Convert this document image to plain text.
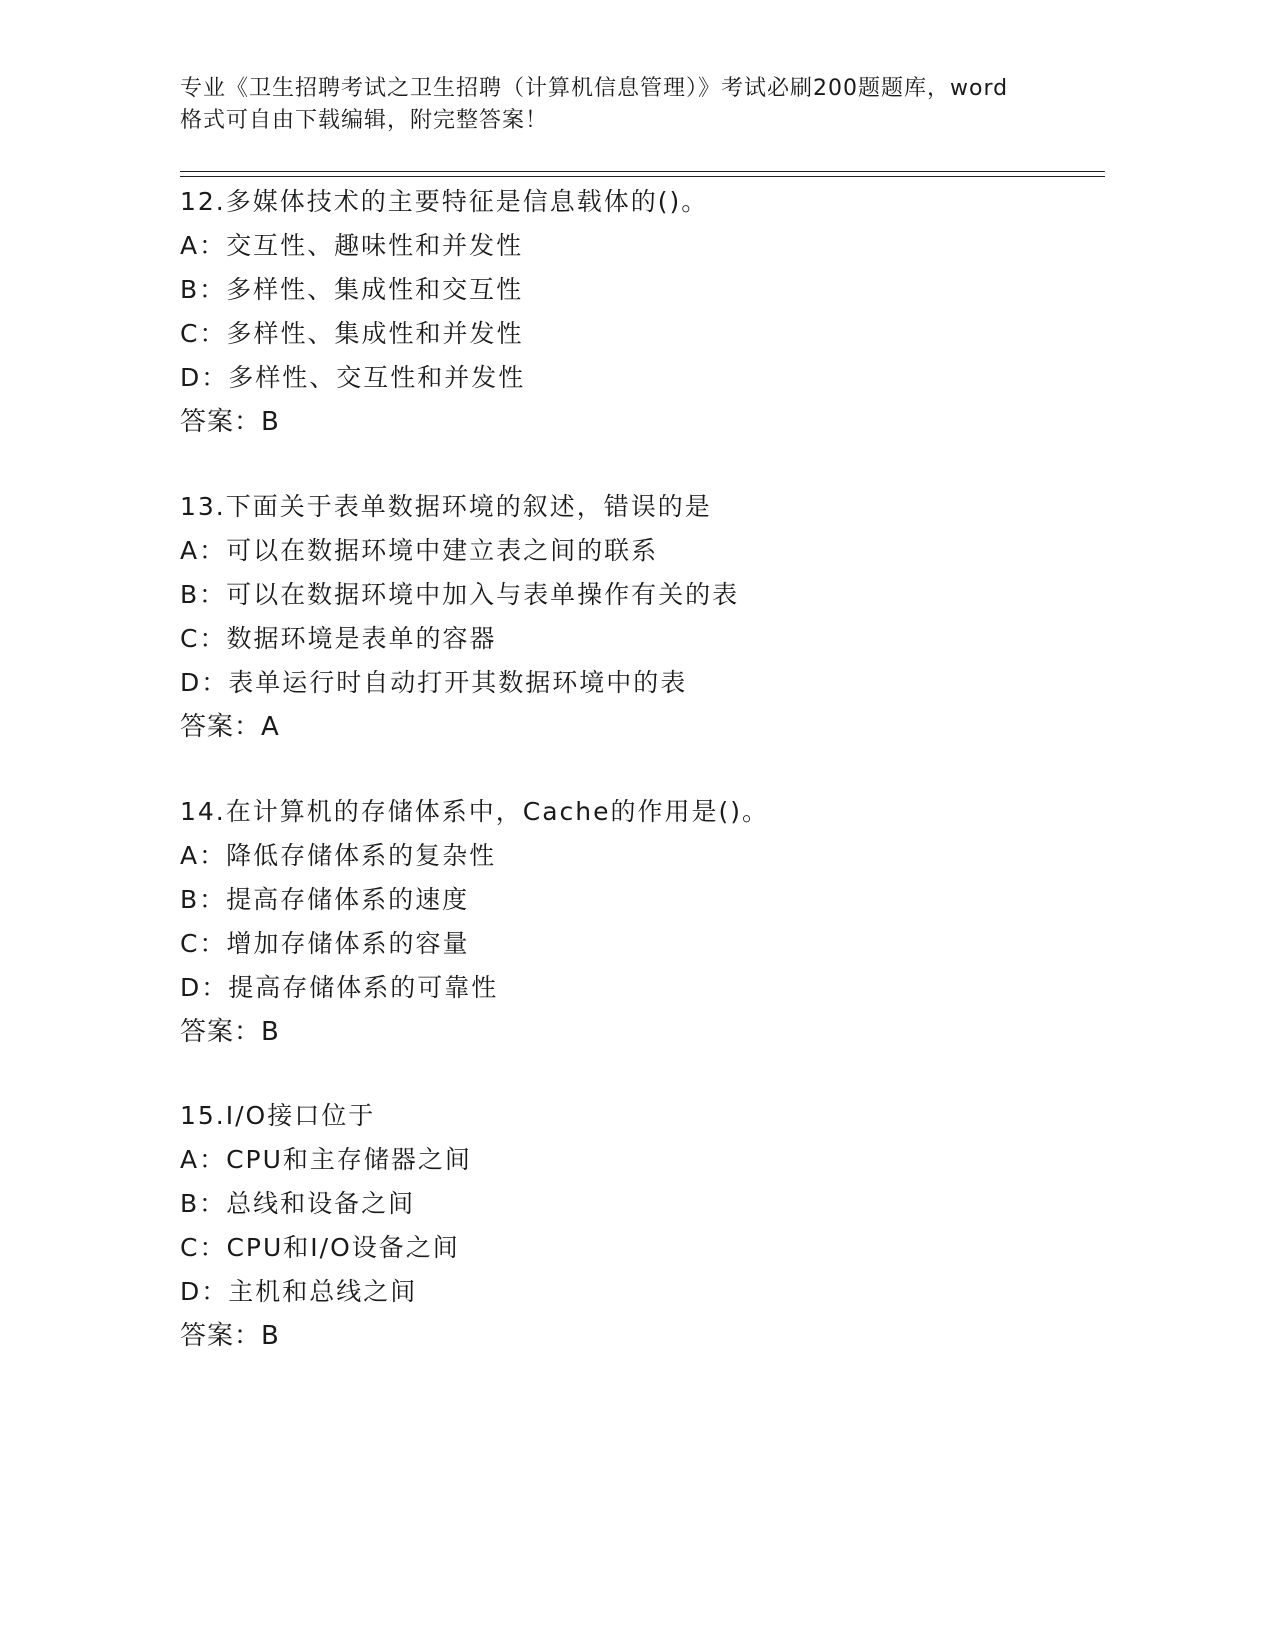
专业《卫生招聘考试之卫生招聘（计算机信息管理）》考试必刷200题题库，word
格式可自由下载编辑，附完整答案！
12.多媒体技术的主要特征是信息载体的()。
A：交互性、趣味性和并发性
B：多样性、集成性和交互性
C：多样性、集成性和并发性
D：多样性、交互性和并发性
答案：B
13.下面关于表单数据环境的叙述，错误的是
A：可以在数据环境中建立表之间的联系
B：可以在数据环境中加入与表单操作有关的表
C：数据环境是表单的容器
D：表单运行时自动打开其数据环境中的表
答案：A
14.在计算机的存储体系中，Cache的作用是()。
A：降低存储体系的复杂性
B：提高存储体系的速度
C：增加存储体系的容量
D：提高存储体系的可靠性
答案：B
15.I/O接口位于
A：CPU和主存储器之间
B：总线和设备之间
C：CPU和I/O设备之间
D：主机和总线之间
答案：B
